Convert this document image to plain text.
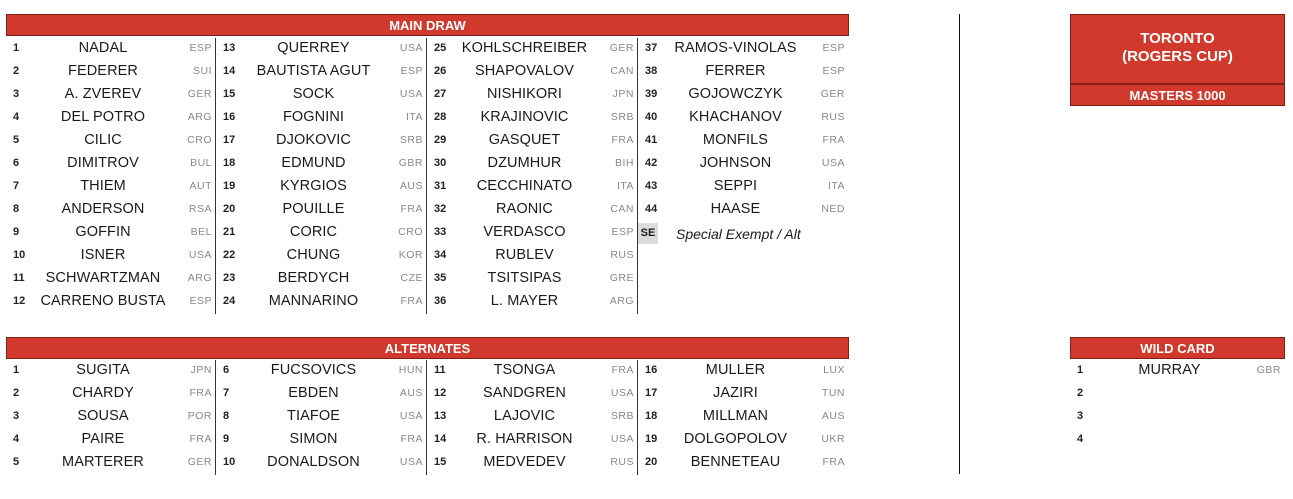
MAIN DRAW
1	NADAL	ESP
2	FEDERER	SUI
3	A. ZVEREV	GER
4	DEL POTRO	ARG
5	CILIC	CRO
6	DIMITROV	BUL
7	THIEM	AUT
8	ANDERSON	RSA
9	GOFFIN	BEL
10	ISNER	USA
11	SCHWARTZMAN	ARG
12	CARRENO BUSTA	ESP
13	QUERREY	USA
14	BAUTISTA AGUT	ESP
15	SOCK	USA
16	FOGNINI	ITA
17	DJOKOVIC	SRB
18	EDMUND	GBR
19	KYRGIOS	AUS
20	POUILLE	FRA
21	CORIC	CRO
22	CHUNG	KOR
23	BERDYCH	CZE
24	MANNARINO	FRA
25	KOHLSCHREIBER	GER
26	SHAPOVALOV	CAN
27	NISHIKORI	JPN
28	KRAJINOVIC	SRB
29	GASQUET	FRA
30	DZUMHUR	BIH
31	CECCHINATO	ITA
32	RAONIC	CAN
33	VERDASCO	ESP
34	RUBLEV	RUS
35	TSITSIPAS	GRE
36	L. MAYER	ARG
37	RAMOS-VINOLAS	ESP
38	FERRER	ESP
39	GOJOWCZYK	GER
40	KHACHANOV	RUS
41	MONFILS	FRA
42	JOHNSON	USA
43	SEPPI	ITA
44	HAASE	NED
SE Special Exempt / Alt
ALTERNATES
1	SUGITA	JPN
2	CHARDY	FRA
3	SOUSA	POR
4	PAIRE	FRA
5	MARTERER	GER
6	FUCSOVICS	HUN
7	EBDEN	AUS
8	TIAFOE	USA
9	SIMON	FRA
10	DONALDSON	USA
11	TSONGA	FRA
12	SANDGREN	USA
13	LAJOVIC	SRB
14	R. HARRISON	USA
15	MEDVEDEV	RUS
16	MULLER	LUX
17	JAZIRI	TUN
18	MILLMAN	AUS
19	DOLGOPOLOV	UKR
20	BENNETEAU	FRA
TORONTO
(ROGERS CUP)
MASTERS 1000
WILD CARD
1	MURRAY	GBR
2
3
4
